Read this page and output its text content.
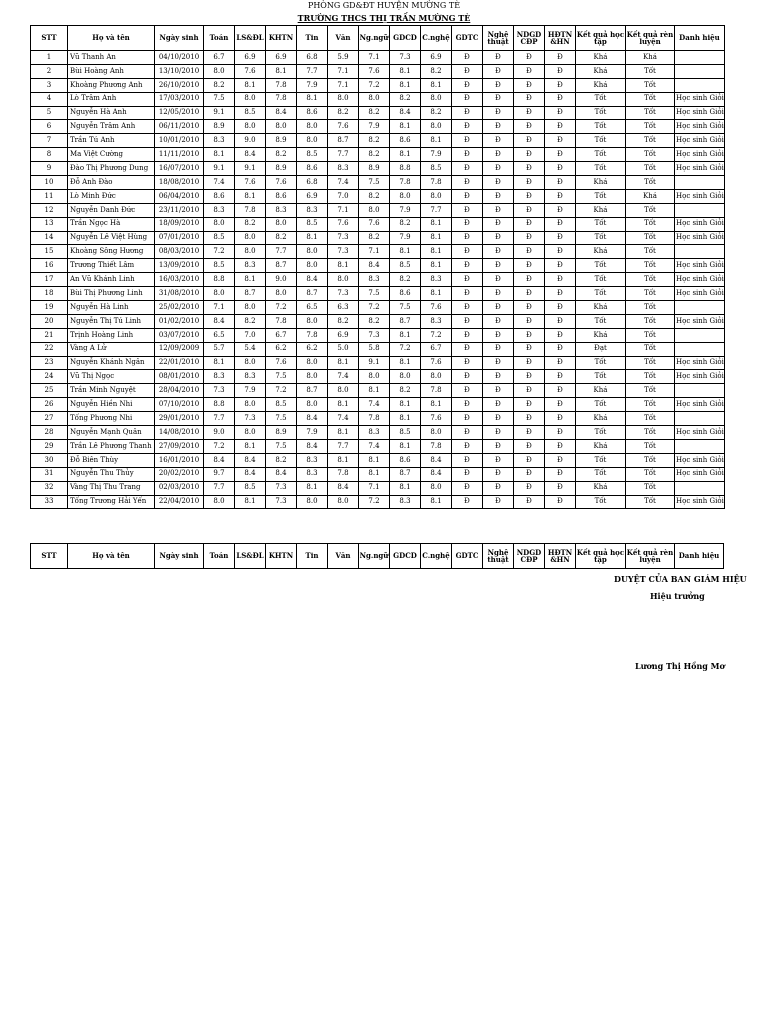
PHÒNG GD&ĐT HUYỆN MƯỜNG TÈ
TRƯỜNG THCS THỊ TRẤN MƯỜNG TÈ
STT	Họ và tên	Ngày sinh	Toán	LS&ĐL	KHTN	Tin	Văn	Ng.ngữ	GDCD	C.nghệ	GDTC	Nghệ thuật	NDGD CĐP	HĐTN &HN	Kết quả học tập	Kết quả rèn luyện	Danh hiệu
1	Vũ Thanh An	04/10/2010	6.7	6.9	6.9	6.8	5.9	7.1	7.3	6.9	Đ	Đ	Đ	Đ	Khá	Khá	
2	Bùi Hoàng Anh	13/10/2010	8.0	7.6	8.1	7.7	7.1	7.6	8.1	8.2	Đ	Đ	Đ	Đ	Khá	Tốt	
3	Khoàng Phương Anh	26/10/2010	8.2	8.1	7.8	7.9	7.1	7.2	8.1	8.1	Đ	Đ	Đ	Đ	Khá	Tốt	
4	Lò Trâm Anh	17/03/2010	7.5	8.0	7.8	8.1	8.0	8.0	8.2	8.0	Đ	Đ	Đ	Đ	Tốt	Tốt	Học sinh Giỏi
5	Nguyễn Hà Anh	12/05/2010	9.1	8.5	8.4	8.6	8.2	8.2	8.4	8.2	Đ	Đ	Đ	Đ	Tốt	Tốt	Học sinh Giỏi
6	Nguyễn Trâm Anh	06/11/2010	8.9	8.0	8.0	8.0	7.6	7.9	8.1	8.0	Đ	Đ	Đ	Đ	Tốt	Tốt	Học sinh Giỏi
7	Trần Tú Anh	10/01/2010	8.3	9.0	8.9	8.0	8.7	8.2	8.6	8.1	Đ	Đ	Đ	Đ	Tốt	Tốt	Học sinh Giỏi
8	Ma Việt Cường	11/11/2010	8.1	8.4	8.2	8.5	7.7	8.2	8.1	7.9	Đ	Đ	Đ	Đ	Tốt	Tốt	Học sinh Giỏi
9	Đào Thị Phương Dung	16/07/2010	9.1	9.1	8.9	8.6	8.3	8.9	8.8	8.5	Đ	Đ	Đ	Đ	Tốt	Tốt	Học sinh Giỏi
10	Đỗ Anh Đào	18/08/2010	7.4	7.6	7.6	6.8	7.4	7.5	7.8	7.8	Đ	Đ	Đ	Đ	Khá	Tốt	
11	Lò Minh Đức	06/04/2010	8.6	8.1	8.6	6.9	7.0	8.2	8.0	8.0	Đ	Đ	Đ	Đ	Tốt	Khá	Học sinh Giỏi
12	Nguyễn Danh Đức	23/11/2010	8.3	7.8	8.3	8.3	7.1	8.0	7.9	7.7	Đ	Đ	Đ	Đ	Khá	Tốt	
13	Trần Ngọc Hà	18/09/2010	8.0	8.2	8.0	8.5	7.6	7.6	8.2	8.1	Đ	Đ	Đ	Đ	Tốt	Tốt	Học sinh Giỏi
14	Nguyễn Lê Việt Hùng	07/01/2010	8.5	8.0	8.2	8.1	7.3	8.2	7.9	8.1	Đ	Đ	Đ	Đ	Tốt	Tốt	Học sinh Giỏi
15	Khoàng Sông Hương	08/03/2010	7.2	8.0	7.7	8.0	7.3	7.1	8.1	8.1	Đ	Đ	Đ	Đ	Khá	Tốt	
16	Trương Thiết Lâm	13/09/2010	8.5	8.3	8.7	8.0	8.1	8.4	8.5	8.1	Đ	Đ	Đ	Đ	Tốt	Tốt	Học sinh Giỏi
17	An Vũ Khánh Linh	16/03/2010	8.8	8.1	9.0	8.4	8.0	8.3	8.2	8.3	Đ	Đ	Đ	Đ	Tốt	Tốt	Học sinh Giỏi
18	Bùi Thị Phương Linh	31/08/2010	8.0	8.7	8.0	8.7	7.3	7.5	8.6	8.1	Đ	Đ	Đ	Đ	Tốt	Tốt	Học sinh Giỏi
19	Nguyễn Hà Linh	25/02/2010	7.1	8.0	7.2	6.5	6.3	7.2	7.5	7.6	Đ	Đ	Đ	Đ	Khá	Tốt	
20	Nguyễn Thị Tú Linh	01/02/2010	8.4	8.2	7.8	8.0	8.2	8.2	8.7	8.3	Đ	Đ	Đ	Đ	Tốt	Tốt	Học sinh Giỏi
21	Trịnh Hoàng Linh	03/07/2010	6.5	7.0	6.7	7.8	6.9	7.3	8.1	7.2	Đ	Đ	Đ	Đ	Khá	Tốt	
22	Vàng A Lử	12/09/2009	5.7	5.4	6.2	6.2	5.0	5.8	7.2	6.7	Đ	Đ	Đ	Đ	Đạt	Tốt	
23	Nguyễn Khánh Ngân	22/01/2010	8.1	8.0	7.6	8.0	8.1	9.1	8.1	7.6	Đ	Đ	Đ	Đ	Tốt	Tốt	Học sinh Giỏi
24	Vũ Thị Ngọc	08/01/2010	8.3	8.3	7.5	8.0	7.4	8.0	8.0	8.0	Đ	Đ	Đ	Đ	Tốt	Tốt	Học sinh Giỏi
25	Trần Minh Nguyệt	28/04/2010	7.3	7.9	7.2	8.7	8.0	8.1	8.2	7.8	Đ	Đ	Đ	Đ	Khá	Tốt	
26	Nguyễn Hiền Nhi	07/10/2010	8.8	8.0	8.5	8.0	8.1	7.4	8.1	8.1	Đ	Đ	Đ	Đ	Tốt	Tốt	Học sinh Giỏi
27	Tống Phương Nhi	29/01/2010	7.7	7.3	7.5	8.4	7.4	7.8	8.1	7.6	Đ	Đ	Đ	Đ	Khá	Tốt	
28	Nguyễn Mạnh Quân	14/08/2010	9.0	8.0	8.9	7.9	8.1	8.3	8.5	8.0	Đ	Đ	Đ	Đ	Tốt	Tốt	Học sinh Giỏi
29	Trần Lê Phương Thanh	27/09/2010	7.2	8.1	7.5	8.4	7.7	7.4	8.1	7.8	Đ	Đ	Đ	Đ	Khá	Tốt	
30	Đỗ Biên Thùy	16/01/2010	8.4	8.4	8.2	8.3	8.1	8.1	8.6	8.4	Đ	Đ	Đ	Đ	Tốt	Tốt	Học sinh Giỏi
31	Nguyễn Thu Thủy	20/02/2010	9.7	8.4	8.4	8.3	7.8	8.1	8.7	8.4	Đ	Đ	Đ	Đ	Tốt	Tốt	Học sinh Giỏi
32	Vàng Thị Thu Trang	02/03/2010	7.7	8.5	7.3	8.1	8.4	7.1	8.1	8.0	Đ	Đ	Đ	Đ	Khá	Tốt	
33	Tống Trương Hải Yến	22/04/2010	8.0	8.1	7.3	8.0	8.0	7.2	8.3	8.1	Đ	Đ	Đ	Đ	Tốt	Tốt	Học sinh Giỏi
STT	Họ và tên	Ngày sinh	Toán	LS&ĐL	KHTN	Tin	Văn	Ng.ngữ	GDCD	C.nghệ	GDTC	Nghệ thuật	NDGD CĐP	HĐTN &HN	Kết quả học tập	Kết quả rèn luyện	Danh hiệu
DUYỆT CỦA BAN GIÁM HIỆU
Hiệu trưởng
Lương Thị Hồng Mơ
